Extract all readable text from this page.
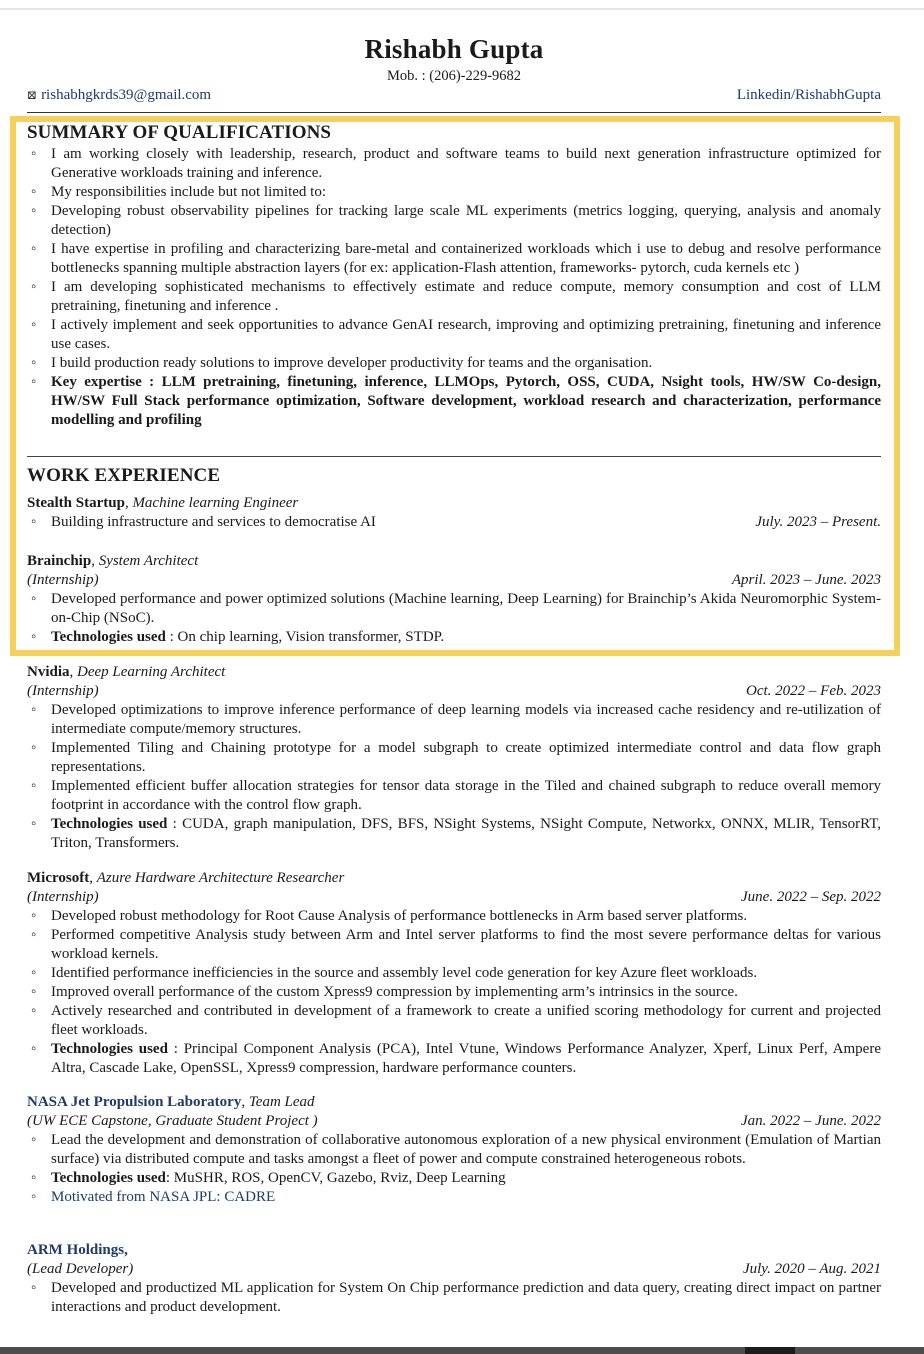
Rishabh Gupta
Mob. : (206)-229-9682
⊠ rishabhgkrds39@gmail.com	Linkedin/RishabhGupta
SUMMARY OF QUALIFICATIONS
◦ I am working closely with leadership, research, product and software teams to build next generation infrastructure optimized for Generative workloads training and inference.
◦ My responsibilities include but not limited to:
◦ Developing robust observability pipelines for tracking large scale ML experiments (metrics logging, querying, analysis and anomaly detection)
◦ I have expertise in profiling and characterizing bare-metal and containerized workloads which i use to debug and resolve performance bottlenecks spanning multiple abstraction layers (for ex: application-Flash attention, frameworks- pytorch, cuda kernels etc )
◦ I am developing sophisticated mechanisms to effectively estimate and reduce compute, memory consumption and cost of LLM pretraining, finetuning and inference .
◦ I actively implement and seek opportunities to advance GenAI research, improving and optimizing pretraining, finetuning and inference use cases.
◦ I build production ready solutions to improve developer productivity for teams and the organisation.
◦ Key expertise : LLM pretraining, finetuning, inference, LLMOps, Pytorch, OSS, CUDA, Nsight tools, HW/SW Co-design, HW/SW Full Stack performance optimization, Software development, workload research and characterization, performance modelling and profiling
WORK EXPERIENCE
Stealth Startup, Machine learning Engineer
◦ Building infrastructure and services to democratise AI	July. 2023 – Present.
Brainchip, System Architect
(Internship)	April. 2023 – June. 2023
◦ Developed performance and power optimized solutions (Machine learning, Deep Learning) for Brainchip’s Akida Neuromorphic System-on-Chip (NSoC).
◦ Technologies used : On chip learning, Vision transformer, STDP.
Nvidia, Deep Learning Architect
(Internship)	Oct. 2022 – Feb. 2023
◦ Developed optimizations to improve inference performance of deep learning models via increased cache residency and re-utilization of intermediate compute/memory structures.
◦ Implemented Tiling and Chaining prototype for a model subgraph to create optimized intermediate control and data flow graph representations.
◦ Implemented efficient buffer allocation strategies for tensor data storage in the Tiled and chained subgraph to reduce overall memory footprint in accordance with the control flow graph.
◦ Technologies used : CUDA, graph manipulation, DFS, BFS, NSight Systems, NSight Compute, Networkx, ONNX, MLIR, TensorRT, Triton, Transformers.
Microsoft, Azure Hardware Architecture Researcher
(Internship)	June. 2022 – Sep. 2022
◦ Developed robust methodology for Root Cause Analysis of performance bottlenecks in Arm based server platforms.
◦ Performed competitive Analysis study between Arm and Intel server platforms to find the most severe performance deltas for various workload kernels.
◦ Identified performance inefficiencies in the source and assembly level code generation for key Azure fleet workloads.
◦ Improved overall performance of the custom Xpress9 compression by implementing arm’s intrinsics in the source.
◦ Actively researched and contributed in development of a framework to create a unified scoring methodology for current and projected fleet workloads.
◦ Technologies used : Principal Component Analysis (PCA), Intel Vtune, Windows Performance Analyzer, Xperf, Linux Perf, Ampere Altra, Cascade Lake, OpenSSL, Xpress9 compression, hardware performance counters.
NASA Jet Propulsion Laboratory, Team Lead
(UW ECE Capstone, Graduate Student Project )	Jan. 2022 – June. 2022
◦ Lead the development and demonstration of collaborative autonomous exploration of a new physical environment (Emulation of Martian surface) via distributed compute and tasks amongst a fleet of power and compute constrained heterogeneous robots.
◦ Technologies used: MuSHR, ROS, OpenCV, Gazebo, Rviz, Deep Learning
◦ Motivated from NASA JPL: CADRE
ARM Holdings,
(Lead Developer)	July. 2020 – Aug. 2021
◦ Developed and productized ML application for System On Chip performance prediction and data query, creating direct impact on partner interactions and product development.
